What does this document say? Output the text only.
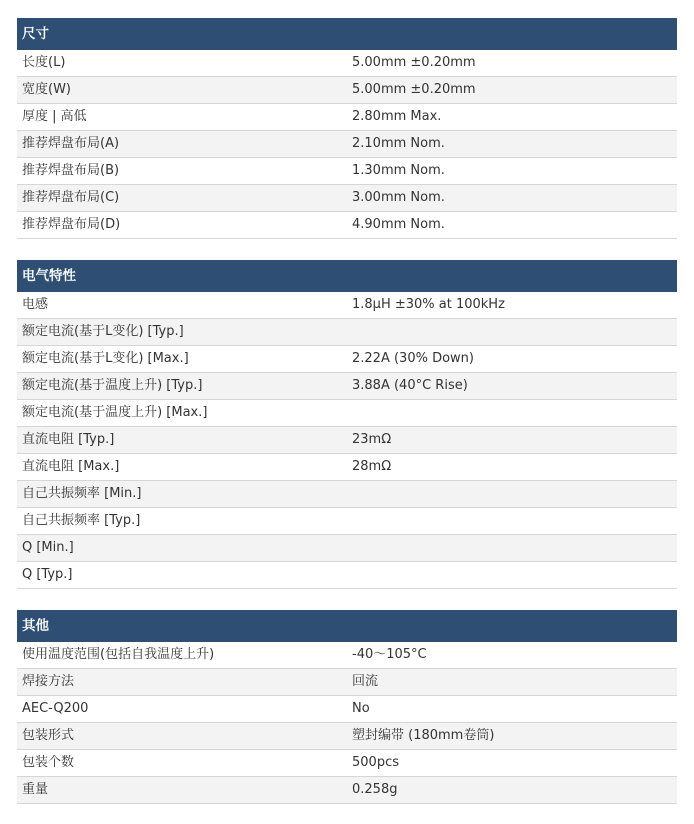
尺寸
长度(L)	5.00mm ±0.20mm
宽度(W)	5.00mm ±0.20mm
厚度 | 高低	2.80mm Max.
推荐焊盘布局(A)	2.10mm Nom.
推荐焊盘布局(B)	1.30mm Nom.
推荐焊盘布局(C)	3.00mm Nom.
推荐焊盘布局(D)	4.90mm Nom.
电气特性
电感	1.8μH ±30% at 100kHz
额定电流(基于L变化) [Typ.]
额定电流(基于L变化) [Max.]	2.22A (30% Down)
额定电流(基于温度上升) [Typ.]	3.88A (40°C Rise)
额定电流(基于温度上升) [Max.]
直流电阻 [Typ.]	23mΩ
直流电阻 [Max.]	28mΩ
自己共振频率 [Min.]
自己共振频率 [Typ.]
Q [Min.]
Q [Typ.]
其他
使用温度范围(包括自我温度上升)	-40～105°C
焊接方法	回流
AEC-Q200	No
包装形式	塑封编带 (180mm卷筒)
包装个数	500pcs
重量	0.258g
